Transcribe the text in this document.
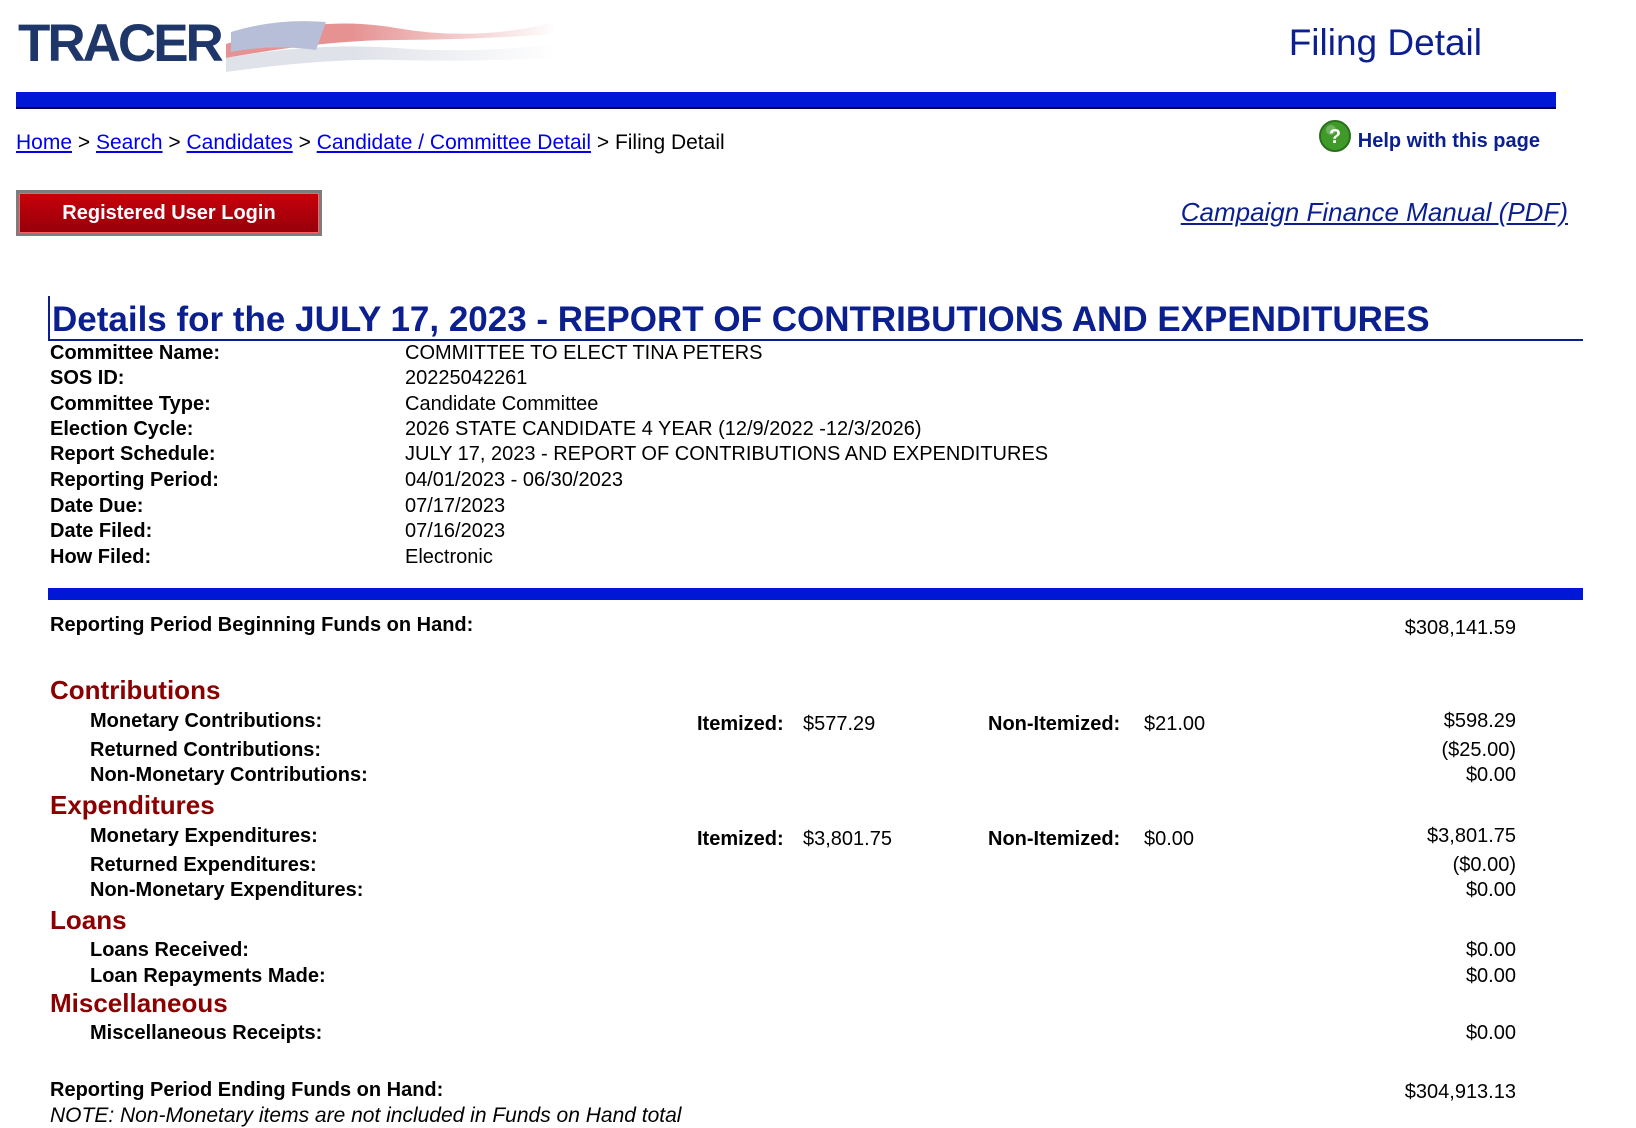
TRACER	Filing Detail
Home > Search > Candidates > Candidate / Committee Detail > Filing Detail	? Help with this page
Registered User Login	Campaign Finance Manual (PDF)
Details for the JULY 17, 2023 - REPORT OF CONTRIBUTIONS AND EXPENDITURES
Committee Name:	COMMITTEE TO ELECT TINA PETERS
SOS ID:	20225042261
Committee Type:	Candidate Committee
Election Cycle:	2026 STATE CANDIDATE 4 YEAR (12/9/2022 -12/3/2026)
Report Schedule:	JULY 17, 2023 - REPORT OF CONTRIBUTIONS AND EXPENDITURES
Reporting Period:	04/01/2023 - 06/30/2023
Date Due:	07/17/2023
Date Filed:	07/16/2023
How Filed:	Electronic
Reporting Period Beginning Funds on Hand:	$308,141.59
Contributions
Monetary Contributions:	Itemized: $577.29	Non-Itemized: $21.00	$598.29
Returned Contributions:	($25.00)
Non-Monetary Contributions:	$0.00
Expenditures
Monetary Expenditures:	Itemized: $3,801.75	Non-Itemized: $0.00	$3,801.75
Returned Expenditures:	($0.00)
Non-Monetary Expenditures:	$0.00
Loans
Loans Received:	$0.00
Loan Repayments Made:	$0.00
Miscellaneous
Miscellaneous Receipts:	$0.00
Reporting Period Ending Funds on Hand:	$304,913.13
NOTE: Non-Monetary items are not included in Funds on Hand total
